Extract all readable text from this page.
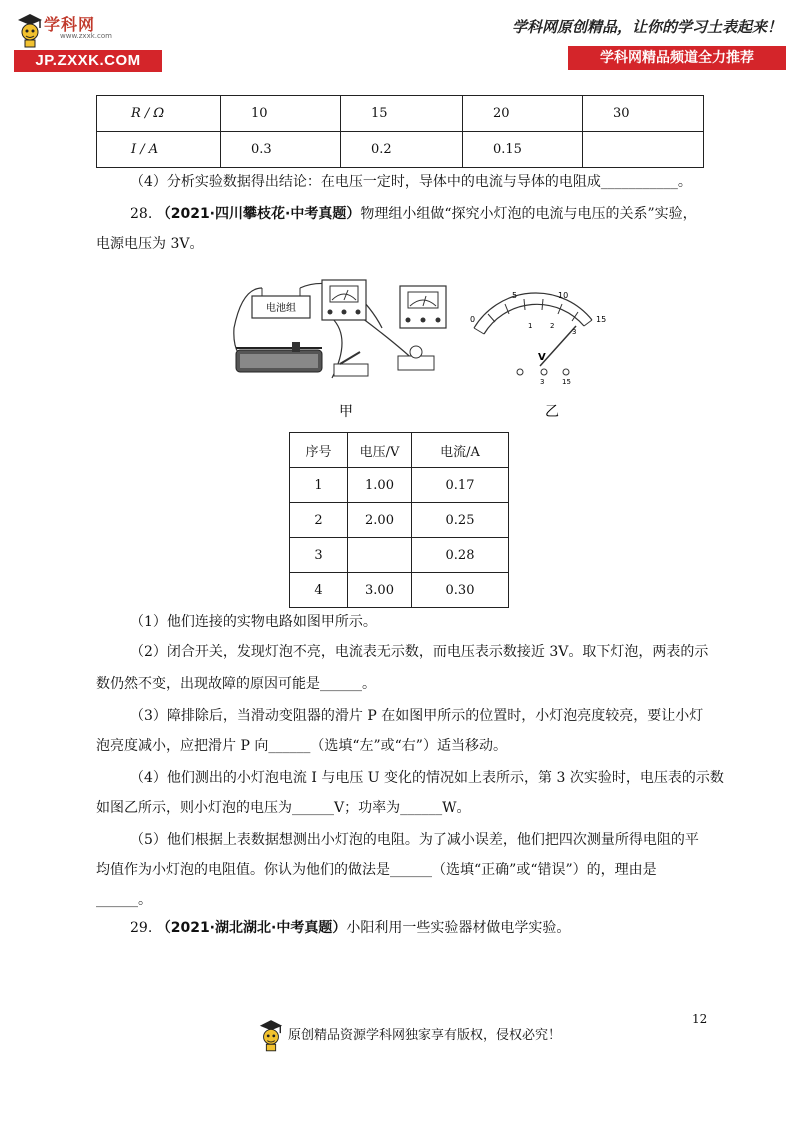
学科网
www.zxxk.com
JP.ZXXK.COM
学科网原创精品，让你的学习土表起来！
学科网精品频道全力推荐
R / Ω	10	15	20	30
I / A	0.3	0.2	0.15	
（4）分析实验数据得出结论：在电压一定时，导体中的电流与导体的电阻成___________。
28. （2021·四川攀枝花·中考真题）物理组小组做“探究小灯泡的电流与电压的关系”实验，
电源电压为 3V。
电池组
甲
0
5	10
15
1	2
3
V
3	15
乙
序号	电压/V	电流/A
1	1.00	0.17
2	2.00	0.25
3		0.28
4	3.00	0.30
（1）他们连接的实物电路如图甲所示。
（2）闭合开关，发现灯泡不亮，电流表无示数，而电压表示数接近 3V。取下灯泡，两表的示
数仍然不变，出现故障的原因可能是______。
（3）障排除后，当滑动变阻器的滑片 P 在如图甲所示的位置时，小灯泡亮度较亮，要让小灯
泡亮度减小，应把滑片 P 向______（选填“左”或“右”）适当移动。
（4）他们测出的小灯泡电流 I 与电压 U 变化的情况如上表所示，第 3 次实验时，电压表的示数
如图乙所示，则小灯泡的电压为______V；功率为______W。
（5）他们根据上表数据想测出小灯泡的电阻。为了减小误差，他们把四次测量所得电阻的平
均值作为小灯泡的电阻值。你认为他们的做法是______（选填“正确”或“错误”）的，理由是
______。
29. （2021·湖北湖北·中考真题）小阳利用一些实验器材做电学实验。
12
原创精品资源学科网独家享有版权，侵权必究！
